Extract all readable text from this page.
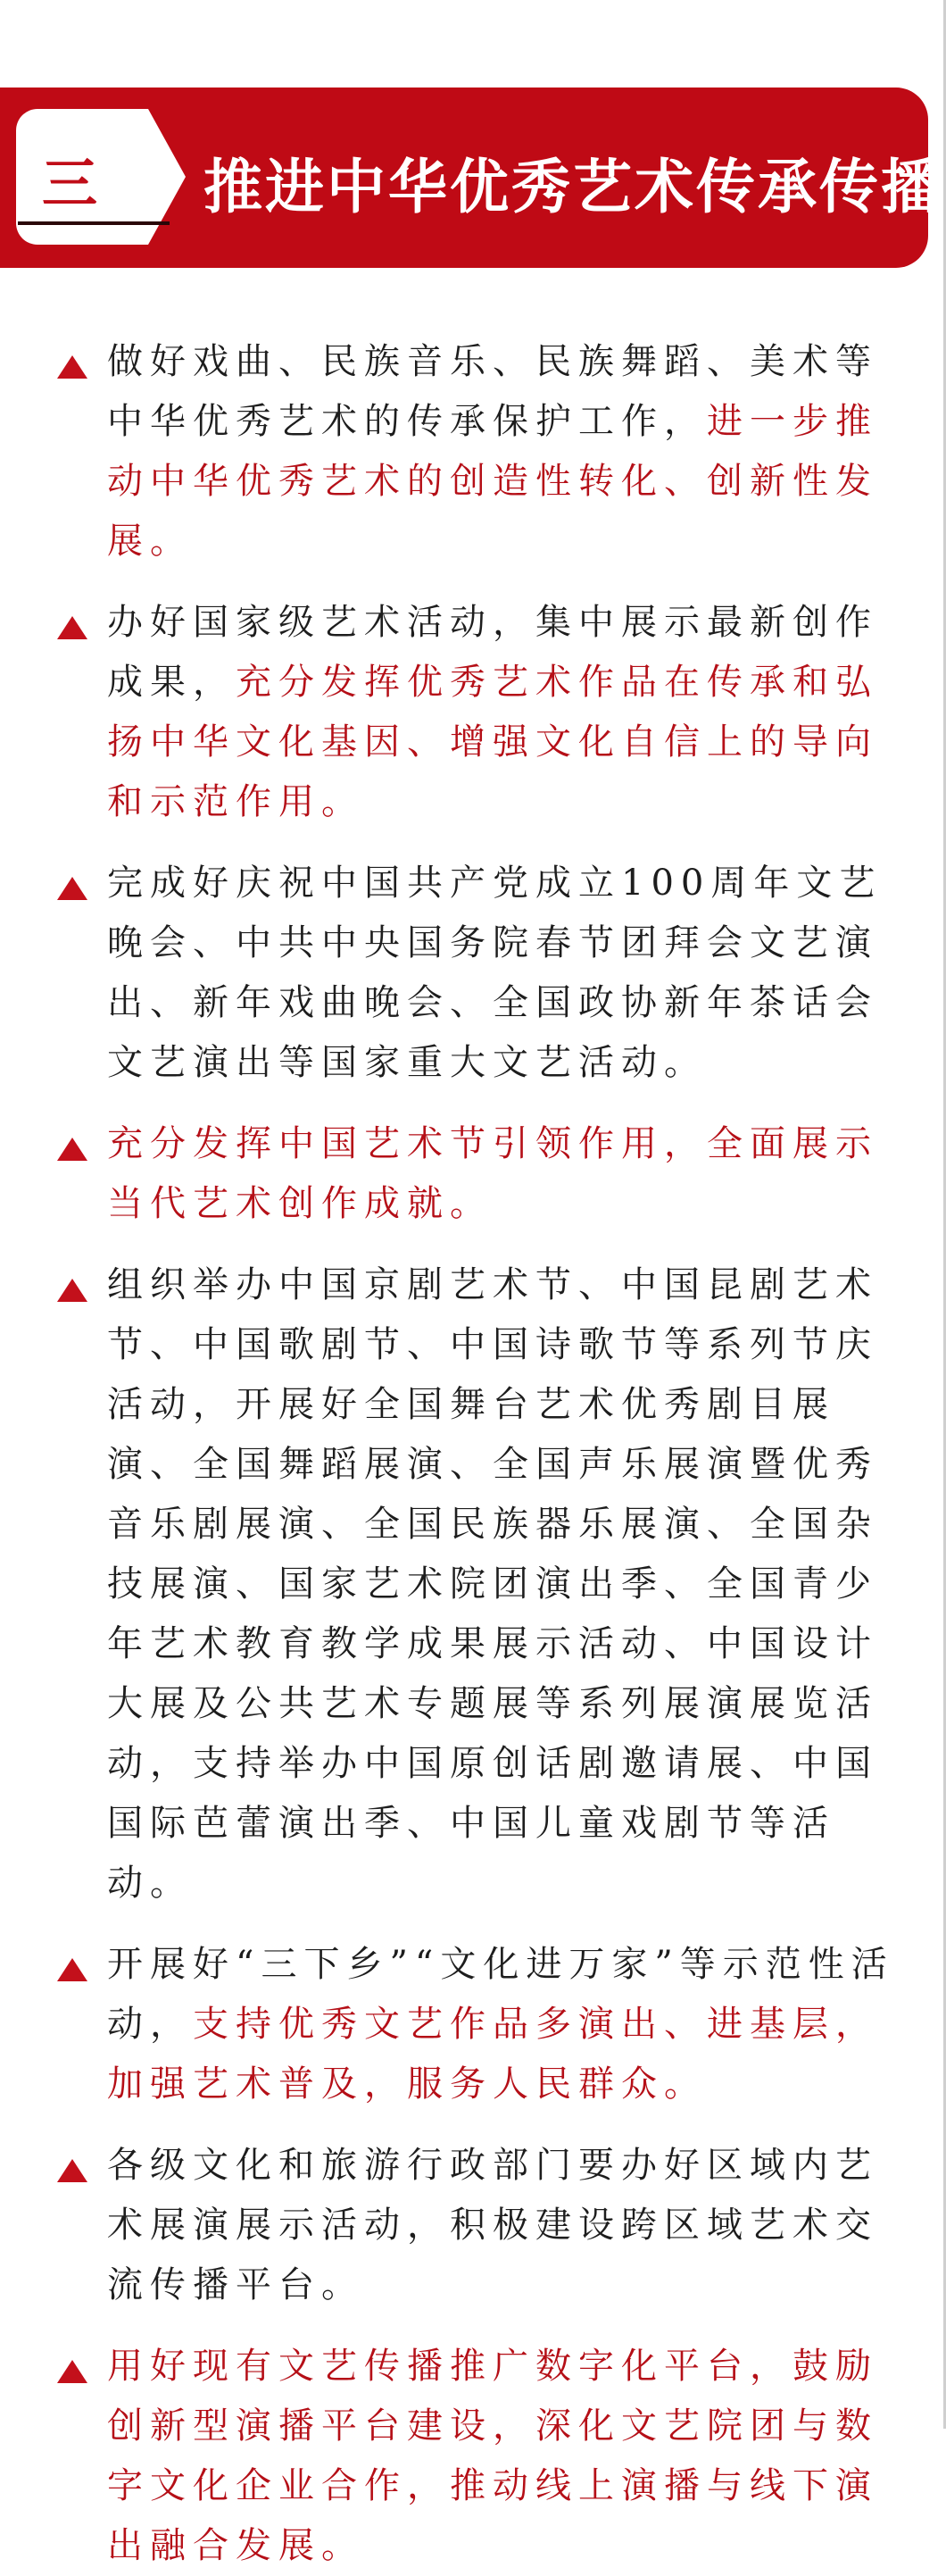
三	推进中华优秀艺术传承传播
做好戏曲、民族音乐、民族舞蹈、美术等中华优秀艺术的传承保护工作，进一步推动中华优秀艺术的创造性转化、创新性发展。
办好国家级艺术活动，集中展示最新创作成果，充分发挥优秀艺术作品在传承和弘扬中华文化基因、增强文化自信上的导向和示范作用。
完成好庆祝中国共产党成立100周年文艺晚会、中共中央国务院春节团拜会文艺演出、新年戏曲晚会、全国政协新年茶话会文艺演出等国家重大文艺活动。
充分发挥中国艺术节引领作用，全面展示当代艺术创作成就。
组织举办中国京剧艺术节、中国昆剧艺术节、中国歌剧节、中国诗歌节等系列节庆活动，开展好全国舞台艺术优秀剧目展演、全国舞蹈展演、全国声乐展演暨优秀音乐剧展演、全国民族器乐展演、全国杂技展演、国家艺术院团演出季、全国青少年艺术教育教学成果展示活动、中国设计大展及公共艺术专题展等系列展演展览活动，支持举办中国原创话剧邀请展、中国国际芭蕾演出季、中国儿童戏剧节等活动。
开展好“三下乡”“文化进万家”等示范性活动，支持优秀文艺作品多演出、进基层，加强艺术普及，服务人民群众。
各级文化和旅游行政部门要办好区域内艺术展演展示活动，积极建设跨区域艺术交流传播平台。
用好现有文艺传播推广数字化平台，鼓励创新型演播平台建设，深化文艺院团与数字文化企业合作，推动线上演播与线下演出融合发展。
